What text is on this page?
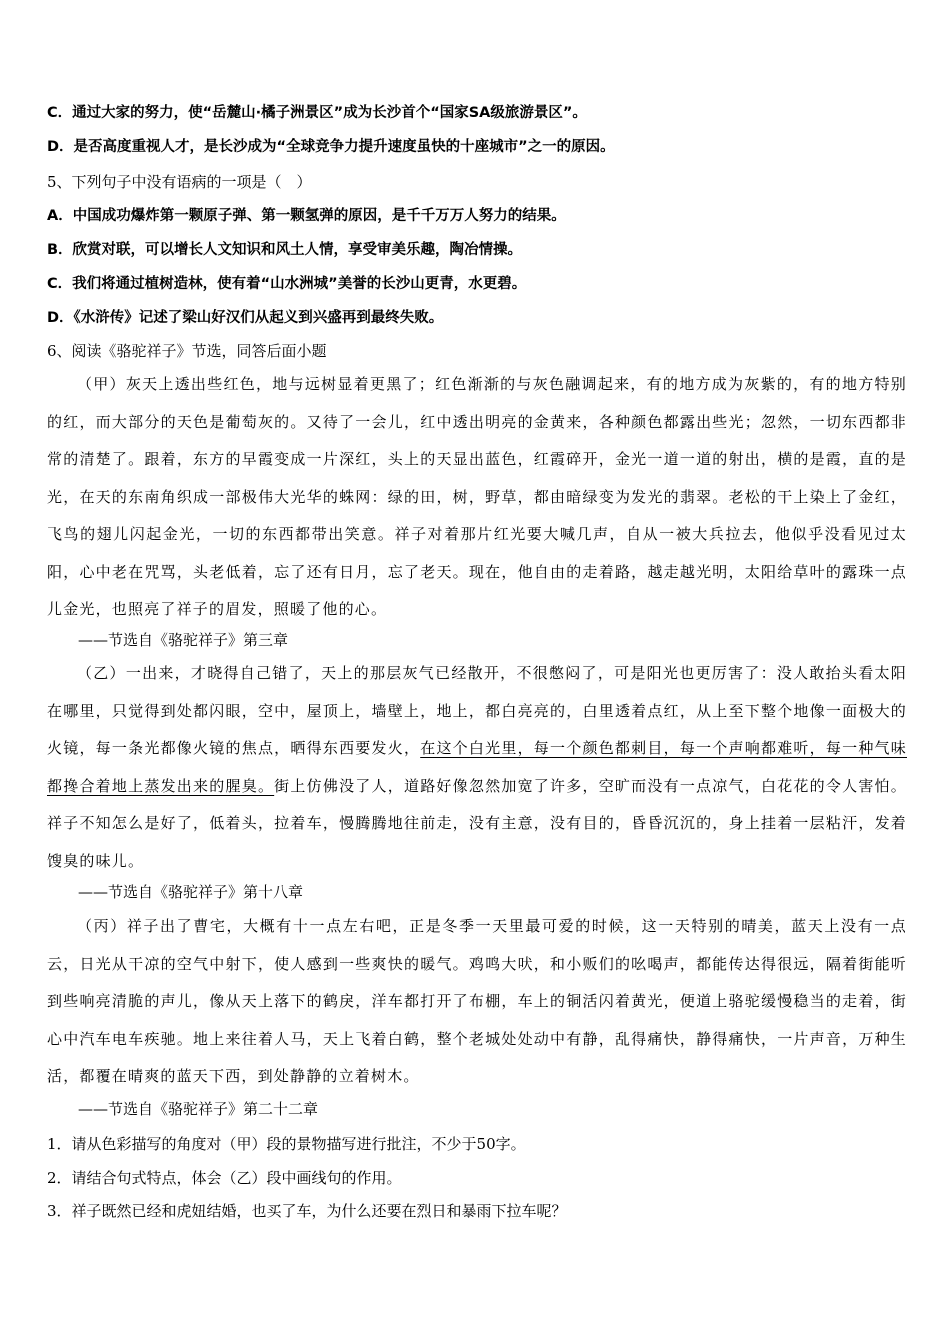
C．通过大家的努力，使“岳麓山·橘子洲景区”成为长沙首个“国家SA级旅游景区”。
D．是否高度重视人才，是长沙成为“全球竞争力提升速度虽快的十座城市”之一的原因。
5、下列句子中没有语病的一项是（　）
A．中国成功爆炸第一颗原子弹、第一颗氢弹的原因，是千千万万人努力的结果。
B．欣赏对联，可以增长人文知识和风土人情，享受审美乐趣，陶冶情操。
C．我们将通过植树造林，使有着“山水洲城”美誉的长沙山更青，水更碧。
D．《水浒传》记述了梁山好汉们从起义到兴盛再到最终失败。
6、阅读《骆驼祥子》节选，同答后面小题
（甲）灰天上透出些红色，地与远树显着更黑了；红色渐渐的与灰色融调起来，有的地方成为灰紫的，有的地方特别的红，而大部分的天色是葡萄灰的。又待了一会儿，红中透出明亮的金黄来，各种颜色都露出些光；忽然，一切东西都非常的清楚了。跟着，东方的早霞变成一片深红，头上的天显出蓝色，红霞碎开，金光一道一道的射出，横的是霞，直的是光，在天的东南角织成一部极伟大光华的蛛网：绿的田，树，野草，都由暗绿变为发光的翡翠。老松的干上染上了金红，飞鸟的翅儿闪起金光，一切的东西都带出笑意。祥子对着那片红光要大喊几声，自从一被大兵拉去，他似乎没看见过太阳，心中老在咒骂，头老低着，忘了还有日月，忘了老天。现在，他自由的走着路，越走越光明，太阳给草叶的露珠一点儿金光，也照亮了祥子的眉发，照暖了他的心。
——节选自《骆驼祥子》第三章
（乙）一出来，才晓得自己错了，天上的那层灰气已经散开，不很憋闷了，可是阳光也更厉害了：没人敢抬头看太阳在哪里，只觉得到处都闪眼，空中，屋顶上，墙壁上，地上，都白亮亮的，白里透着点红，从上至下整个地像一面极大的火镜，每一条光都像火镜的焦点，晒得东西要发火，在这个白光里，每一个颜色都刺目，每一个声响都难听，每一种气味都搀合着地上蒸发出来的腥臭。街上仿佛没了人，道路好像忽然加宽了许多，空旷而没有一点凉气，白花花的令人害怕。祥子不知怎么是好了，低着头，拉着车，慢腾腾地往前走，没有主意，没有目的，昏昏沉沉的，身上挂着一层粘汗，发着馊臭的味儿。
——节选自《骆驼祥子》第十八章
（丙）祥子出了曹宅，大概有十一点左右吧，正是冬季一天里最可爱的时候，这一天特别的晴美，蓝天上没有一点云，日光从干凉的空气中射下，使人感到一些爽快的暖气。鸡鸣大吠，和小贩们的吆喝声，都能传达得很远，隔着街能听到些响亮清脆的声儿，像从天上落下的鹤戾，洋车都打开了布棚，车上的铜活闪着黄光，便道上骆驼缓慢稳当的走着，街心中汽车电车疾驰。地上来往着人马，天上飞着白鹤，整个老城处处动中有静，乱得痛快，静得痛快，一片声音，万种生活，都覆在晴爽的蓝天下西，到处静静的立着树木。
——节选自《骆驼祥子》第二十二章
1．请从色彩描写的角度对（甲）段的景物描写进行批注，不少于50字。
2．请结合句式特点，体会（乙）段中画线句的作用。
3．祥子既然已经和虎妞结婚，也买了车，为什么还要在烈日和暴雨下拉车呢？
